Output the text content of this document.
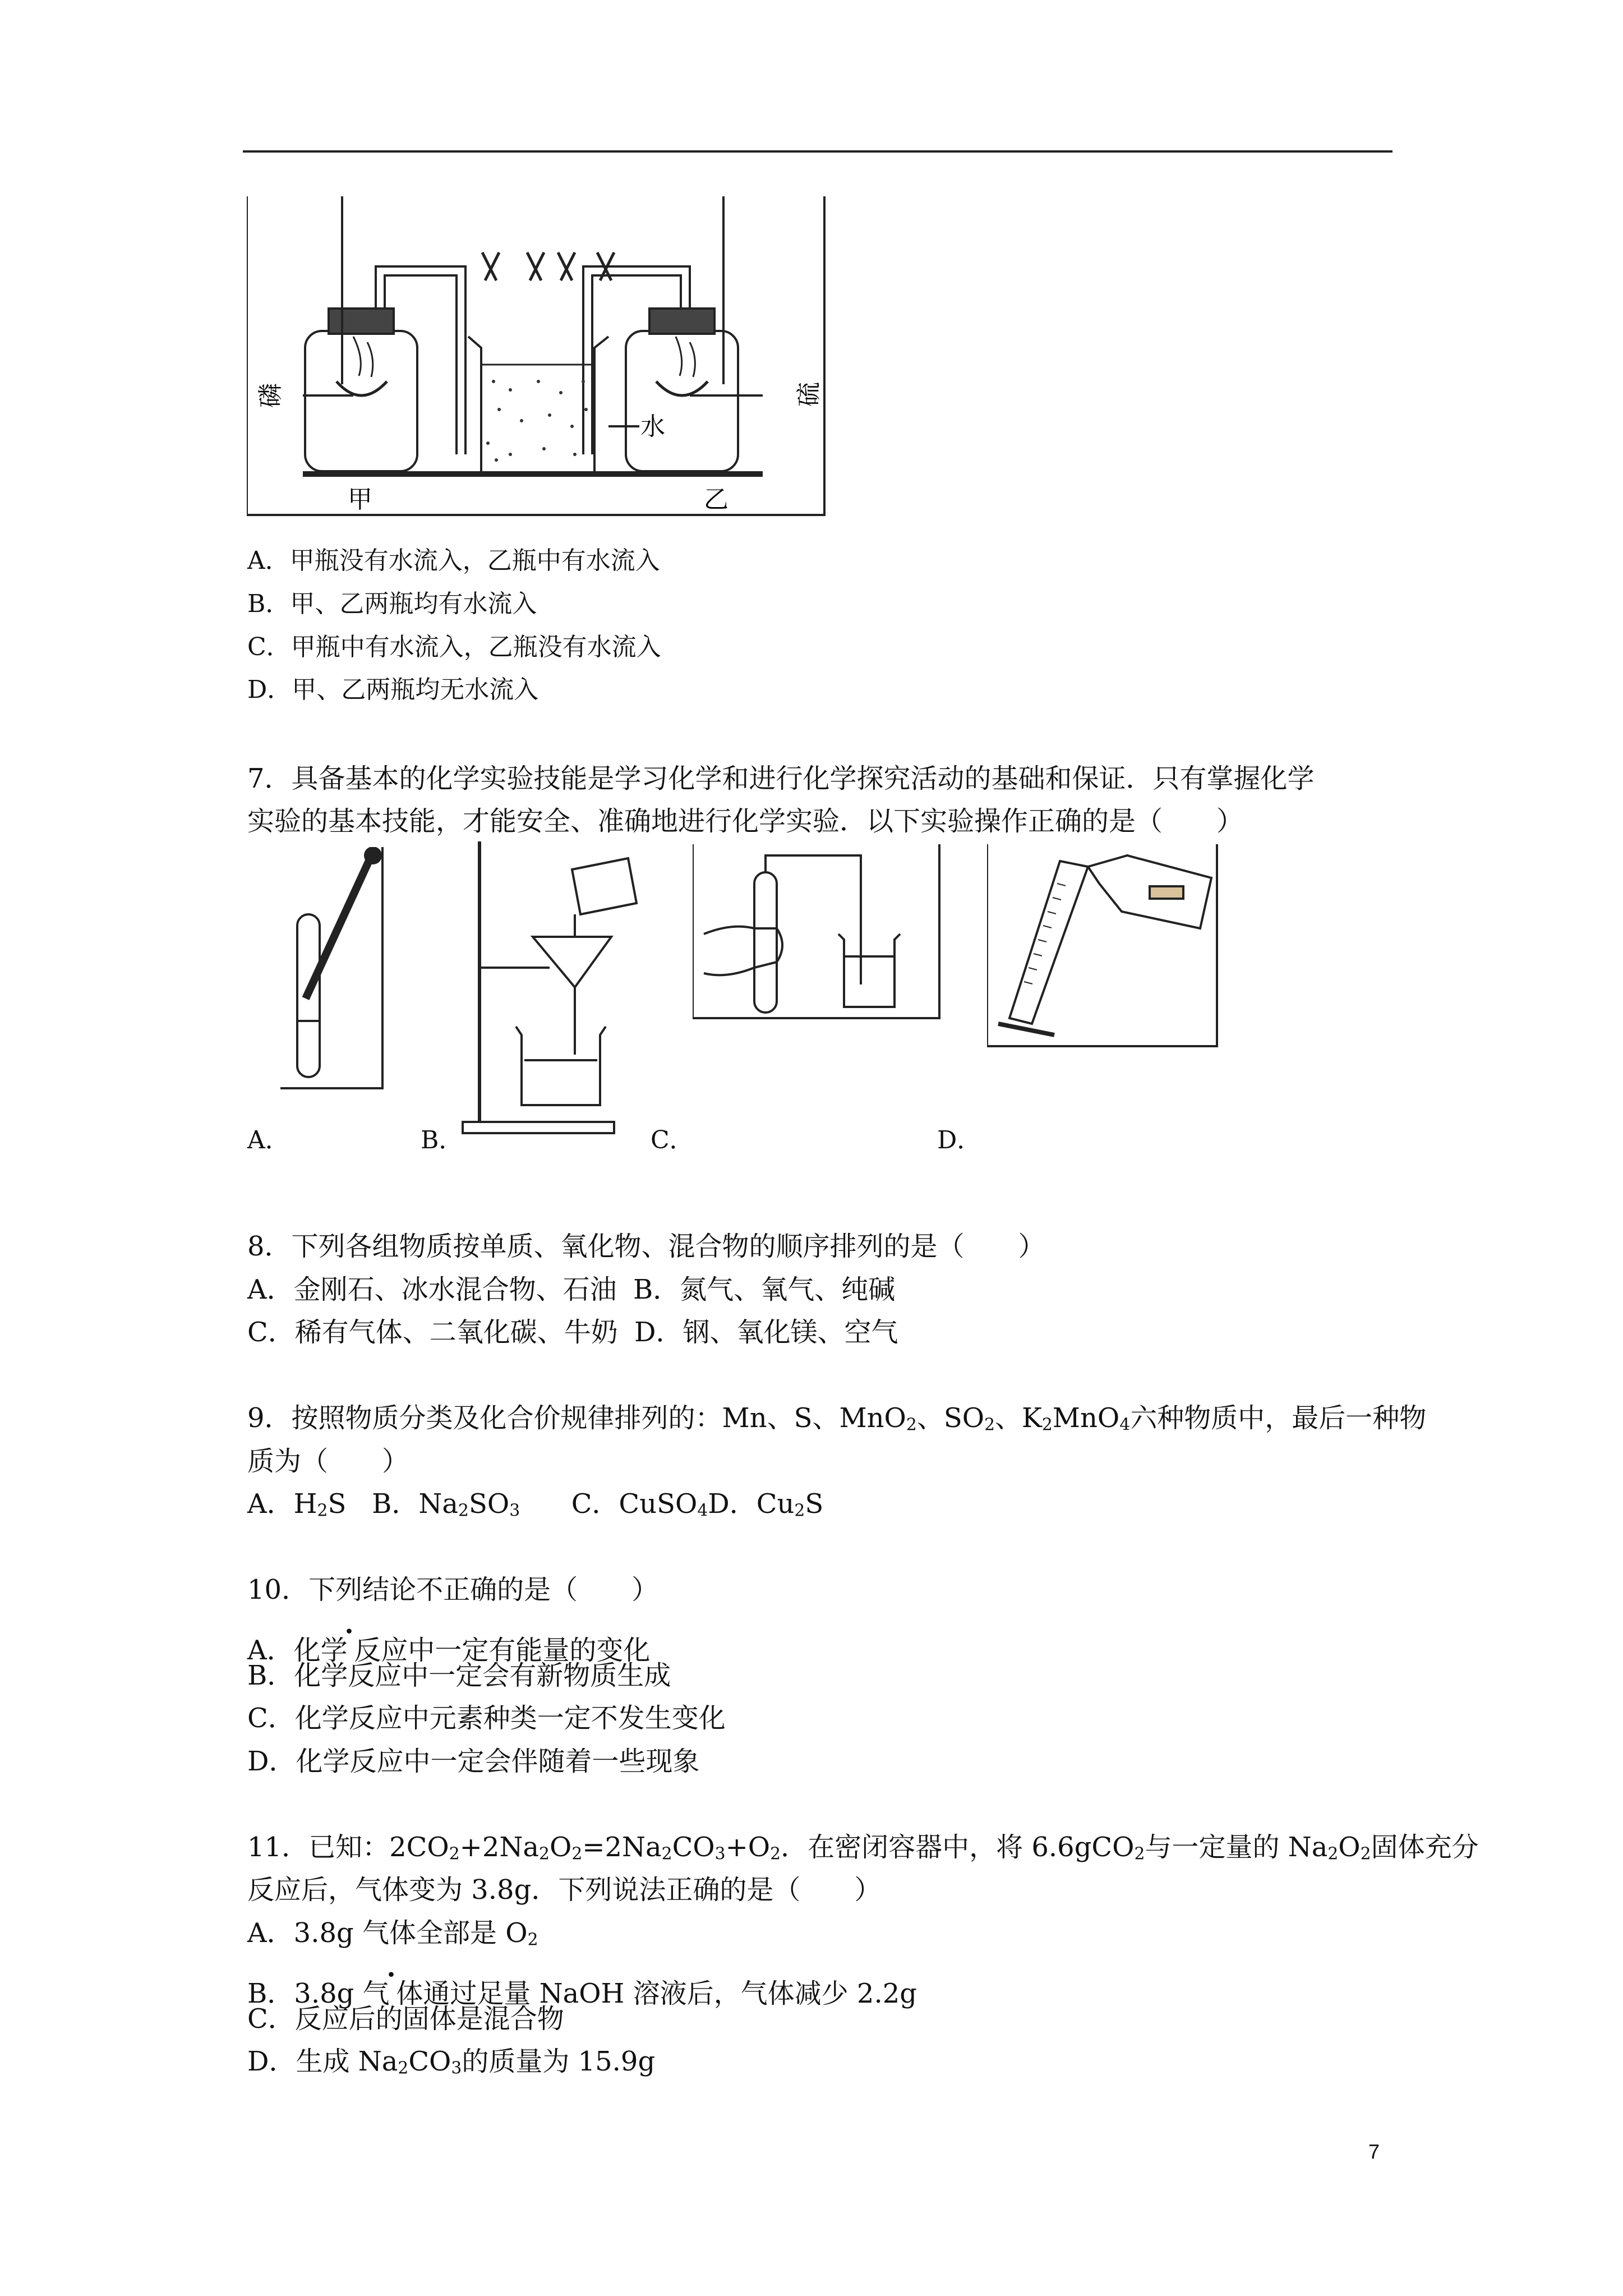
磷	硫
水
甲	乙
A．甲瓶没有水流入，乙瓶中有水流入
B．甲、乙两瓶均有水流入
C．甲瓶中有水流入，乙瓶没有水流入
D．甲、乙两瓶均无水流入
7．具备基本的化学实验技能是学习化学和进行化学探究活动的基础和保证．只有掌握化学
实验的基本技能，才能安全、准确地进行化学实验．以下实验操作正确的是（　　）
A．	B．	C．	D．
8．下列各组物质按单质、氧化物、混合物的顺序排列的是（　　）
A．金刚石、冰水混合物、石油 B．氮气、氧气、纯碱
C．稀有气体、二氧化碳、牛奶 D．钢、氧化镁、空气
9．按照物质分类及化合价规律排列的：Mn、S、MnO$_2$、$SO_2$、$K_2MnO_4$六种物质中，最后一种物
质为（　　）
A．$H_2S$ B．$Na_2SO_3$ C．CuSO$_4$D．$Cu_2S$
10．下列结论不正确的是（　　）
A．化学•反应中一定有能量的变化
B．化学反应中一定会有新物质生成
C．化学反应中元素种类一定不发生变化
D．化学反应中一定会伴随着一些现象
11．已知：$2CO_2+2Na_2O_2=2Na_2CO_3+O_2$．在密闭容器中，将 6.6gCO$_2$与一定量的 $Na_2O_2$固体充分
反应后，气体变为 3.8g．下列说法正确的是（　　）
A．3.8g 气体全部是 $O_2$
B．3.8g 气•体通过足量 NaOH 溶液后，气体减少 2.2g
C．反应后的固体是混合物
D．生成 $Na_2CO_3$的质量为 15.9g
7
